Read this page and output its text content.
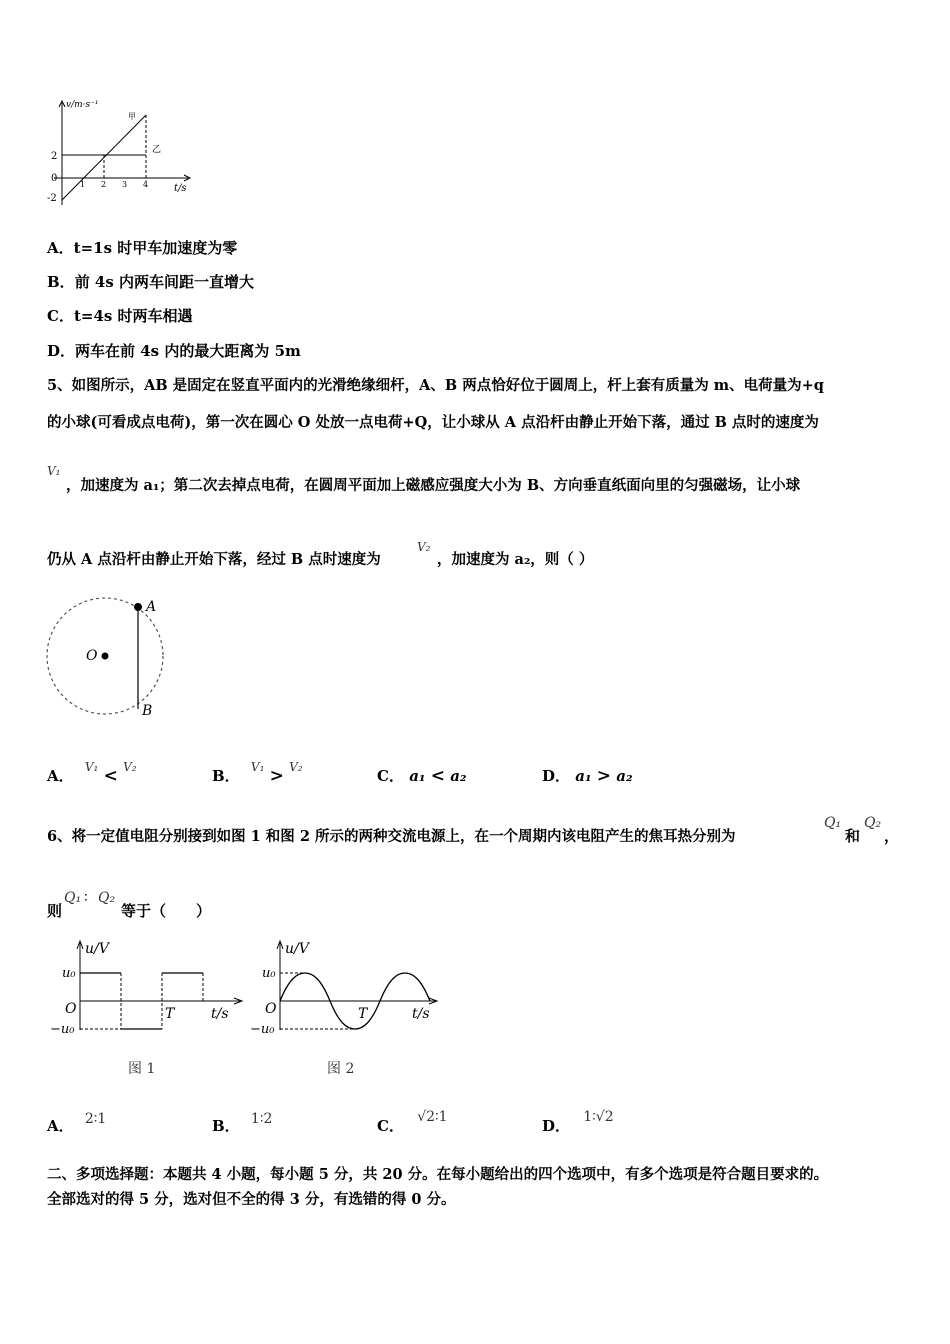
v/m·s⁻¹
t/s
甲
乙
2
0
-2
1 2 3 4
A．t=1s 时甲车加速度为零
B．前 4s 内两车间距一直增大
C．t=4s 时两车相遇
D．两车在前 4s 内的最大距离为 5m
5、如图所示，AB 是固定在竖直平面内的光滑绝缘细杆，A、B 两点恰好位于圆周上，杆上套有质量为 m、电荷量为+q
的小球(可看成点电荷)，第一次在圆心 O 处放一点电荷+Q，让小球从 A 点沿杆由静止开始下落，通过 B 点时的速度为
V₁
，加速度为 a₁；第二次去掉点电荷，在圆周平面加上磁感应强度大小为 B、方向垂直纸面向里的匀强磁场，让小球
仍从 A 点沿杆由静止开始下落，经过 B 点时速度为
V₂
，加速度为 a₂，则（ ）
A
B
O
A． $^{V_1}$ < $^{V_2}$	B． $^{V_1}$ > $^{V_2}$	C． a₁ < a₂	D． a₁ > a₂
6、将一定值电阻分别接到如图 1 和图 2 所示的两种交流电源上，在一个周期内该电阻产生的焦耳热分别为
Q₁
和
Q₂
，
则
Q₁ ∶ Q₂
等于（　　）
u/V
u₀
−u₀
O	T	t/s
图 1
u/V
u₀
−u₀
O	T	t/s
图 2
A． 2∶1	B． 1∶2	C． √2∶1	D． 1∶√2
二、多项选择题：本题共 4 小题，每小题 5 分，共 20 分。在每小题给出的四个选项中，有多个选项是符合题目要求的。
全部选对的得 5 分，选对但不全的得 3 分，有选错的得 0 分。
